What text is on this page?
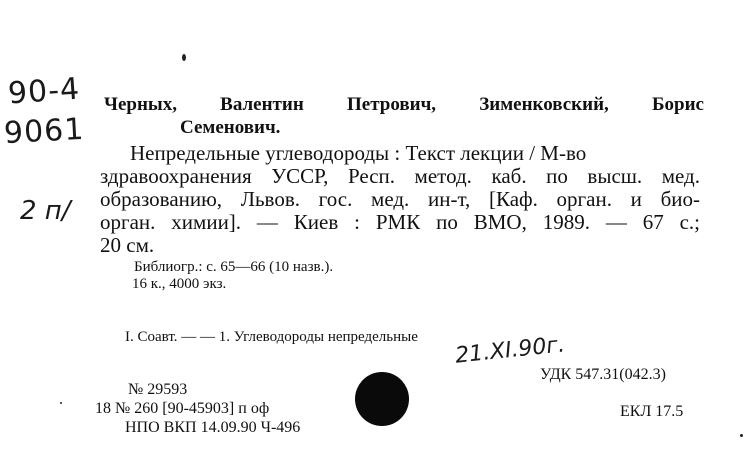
90-4
9061
2 п/
Черных, Валентин Петрович, Зименковский, Борис
Семенович.
Непредельные углеводороды : Текст лекции / М-во
здравоохранения УССР, Респ. метод. каб. по высш. мед.
образованию, Львов. гос. мед. ин-т, [Каф. орган. и био-
орган. химии]. — Киев : РМК по ВМО, 1989. — 67 с.;
20 см.
Библиогр.: с. 65—66 (10 назв.).
16 к., 4000 экз.
I. Соавт. — — 1. Углеводороды непредельные 21.XI.90г.
УДК 547.31(042.3)
№ 29593
18 № 260 [90-45903] п оф
НПО ВКП 14.09.90 Ч-496
ЕКЛ 17.5
